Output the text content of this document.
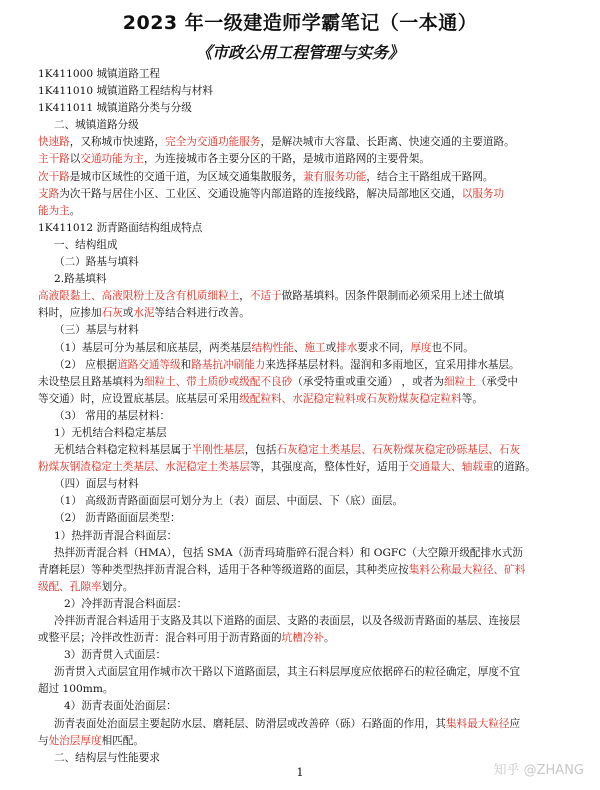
2023 年一级建造师学霸笔记（一本通）
《市政公用工程管理与实务》
1K411000 城镇道路工程
1K411010 城镇道路工程结构与材料
1K411011 城镇道路分类与分级
二、城镇道路分级
快速路，又称城市快速路，完全为交通功能服务，是解决城市大容量、长距离、快速交通的主要道路。
主干路以交通功能为主，为连接城市各主要分区的干路，是城市道路网的主要骨架。
次干路是城市区域性的交通干道，为区域交通集散服务，兼有服务功能，结合主干路组成干路网。
支路为次干路与居住小区、工业区、交通设施等内部道路的连接线路，解决局部地区交通，以服务功
能为主。
1K411012 沥青路面结构组成特点
一、结构组成
（二）路基与填料
2.路基填料
高液限黏土、高液限粉土及含有机质细粒土，不适于做路基填料。因条件限制而必须采用上述土做填
料时，应掺加石灰或水泥等结合料进行改善。
（三）基层与材料
（1）基层可分为基层和底基层，两类基层结构性能、施工或排水要求不同，厚度也不同。
（2） 应根据道路交通等级和路基抗冲刷能力来选择基层材料。湿润和多雨地区，宜采用排水基层。
未设垫层且路基填料为细粒土、带土质砂或级配不良砂（承受特重或重交通） ，或者为细粒土（承受中
等交通）时，应设置底基层。底基层可采用级配粒料、水泥稳定粒料或石灰粉煤灰稳定粒料等。
（3） 常用的基层材料：
1）无机结合料稳定基层
无机结合料稳定粒料基层属于半刚性基层，包括石灰稳定土类基层、石灰粉煤灰稳定砂砾基层、石灰
粉煤灰钢渣稳定土类基层、水泥稳定土类基层等，其强度高，整体性好，适用于交通量大、轴载重的道路。
（四）面层与材料
（1） 高级沥青路面面层可划分为上（表）面层、中面层、下（底）面层。
（2） 沥青路面面层类型：
1）热拌沥青混合料面层：
热拌沥青混合料（HMA），包括 SMA（沥青玛琦脂碎石混合料）和 OGFC（大空隙开级配排水式沥
青磨耗层）等种类型热拌沥青混合料，适用于各种等级道路的面层，其种类应按集料公称最大粒径、矿料
级配、孔隙率划分。
2）冷拌沥青混合料面层：
冷拌沥青混合料适用于支路及其以下道路的面层、支路的表面层，以及各级沥青路面的基层、连接层
或整平层；冷拌改性沥青：混合料可用于沥青路面的坑槽冷补。
3）沥青贯入式面层：
沥青贯入式面层宜用作城市次干路以下道路面层，其主石料层厚度应依据碎石的粒径确定，厚度不宜
超过 100mm。
4）沥青表面处治面层：
沥青表面处治面层主要起防水层、磨耗层、防滑层或改善碎（砾）石路面的作用，其集料最大粒径应
与处治层厚度相匹配。
二、结构层与性能要求
1	知乎 @ZHANG
